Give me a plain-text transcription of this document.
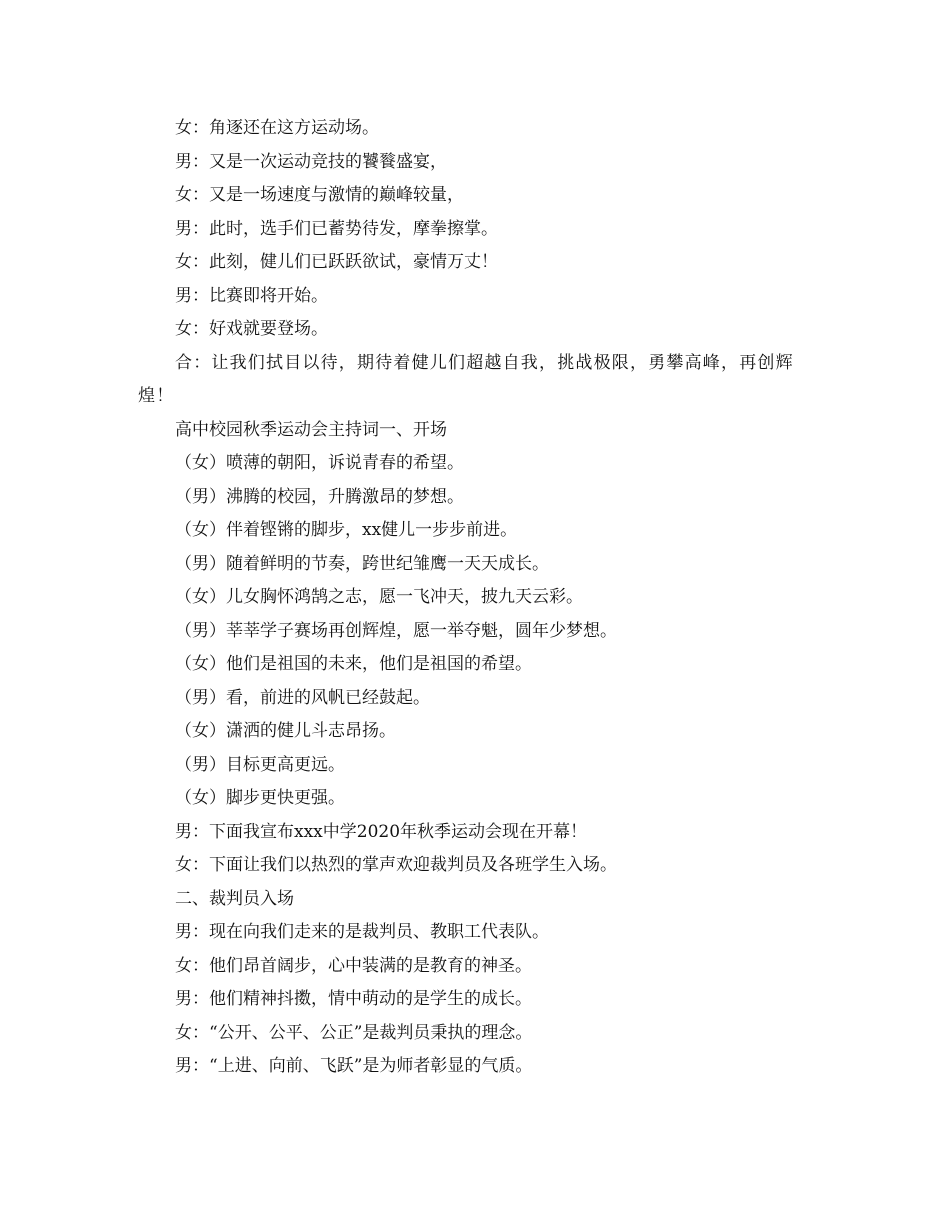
女：角逐还在这方运动场。

男：又是一次运动竞技的饕餮盛宴，

女：又是一场速度与激情的巅峰较量，

男：此时，选手们已蓄势待发，摩拳擦掌。

女：此刻，健儿们已跃跃欲试，豪情万丈！

男：比赛即将开始。

女：好戏就要登场。

合：让我们拭目以待，期待着健儿们超越自我，挑战极限，勇攀高峰，再创辉煌！

高中校园秋季运动会主持词一、开场

（女）喷薄的朝阳，诉说青春的希望。

（男）沸腾的校园，升腾激昂的梦想。

（女）伴着铿锵的脚步，xx健儿一步步前进。

（男）随着鲜明的节奏，跨世纪雏鹰一天天成长。

（女）儿女胸怀鸿鹄之志，愿一飞冲天，披九天云彩。

（男）莘莘学子赛场再创辉煌，愿一举夺魁，圆年少梦想。

（女）他们是祖国的未来，他们是祖国的希望。

（男）看，前进的风帆已经鼓起。

（女）潇洒的健儿斗志昂扬。

（男）目标更高更远。

（女）脚步更快更强。

男：下面我宣布xxx中学2020年秋季运动会现在开幕！

女：下面让我们以热烈的掌声欢迎裁判员及各班学生入场。

二、裁判员入场

男：现在向我们走来的是裁判员、教职工代表队。

女：他们昂首阔步，心中装满的是教育的神圣。

男：他们精神抖擞，情中萌动的是学生的成长。

女：“公开、公平、公正”是裁判员秉执的理念。

男：“上进、向前、飞跃”是为师者彰显的气质。
